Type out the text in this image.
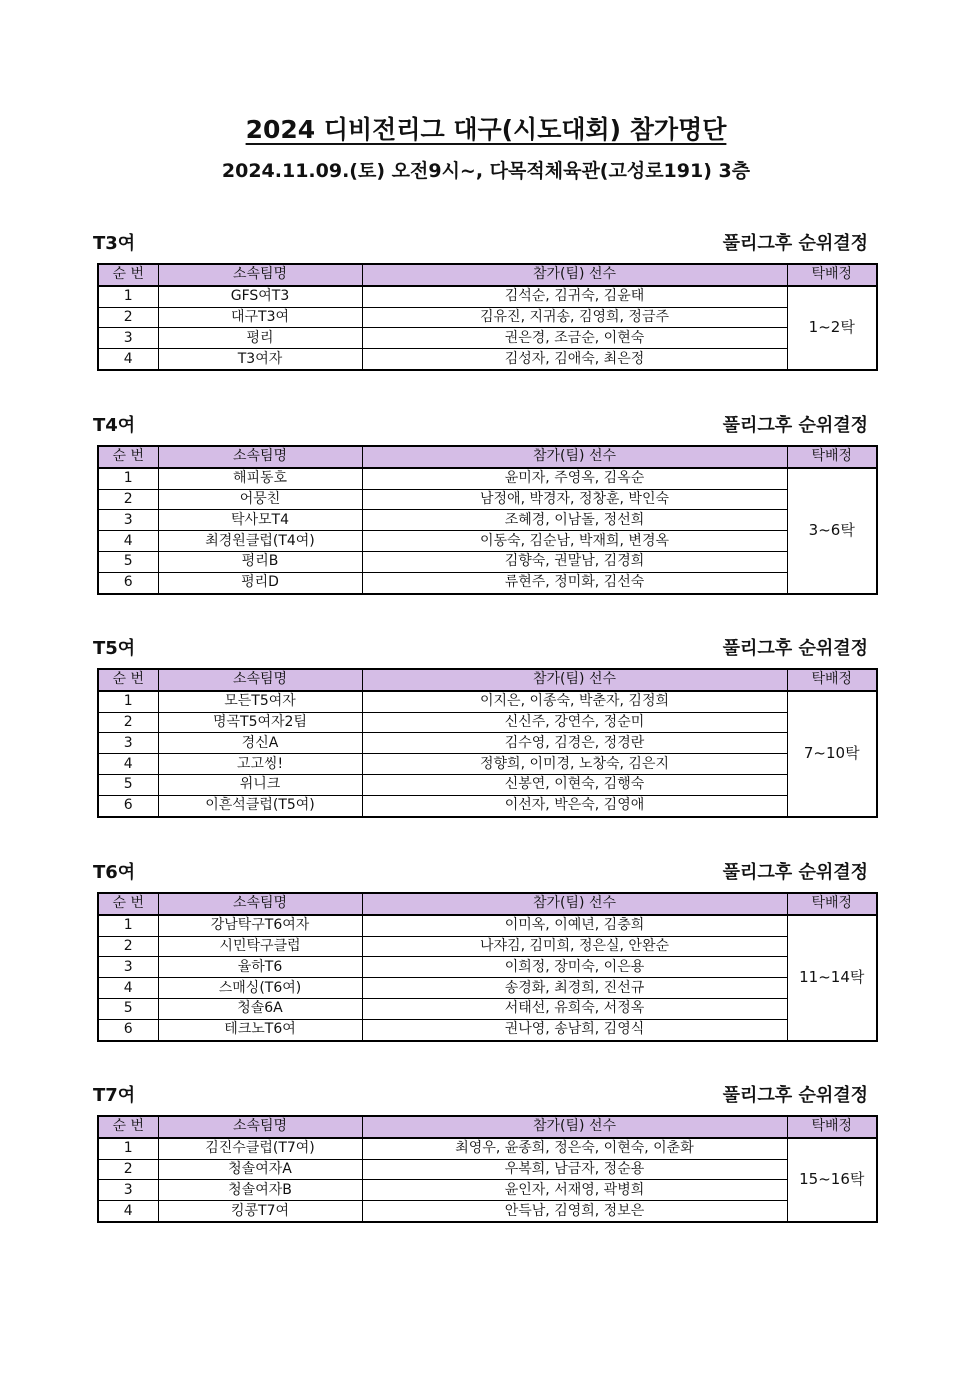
2024 디비전리그 대구(시도대회) 참가명단
2024.11.09.(토) 오전9시~, 다목적체육관(고성로191) 3층
T3여	풀리그후 순위결정
순 번	소속팀명	참가(팀) 선수	탁배정
1	GFS여T3	김석순, 김귀숙, 김윤태	1~2탁
2	대구T3여	김유진, 지귀송, 김영희, 정금주	
3	평리	권은경, 조금순, 이현숙	
4	T3여자	김성자, 김애숙, 최은정	
T4여	풀리그후 순위결정
순 번	소속팀명	참가(팀) 선수	탁배정
1	해피동호	윤미자, 주영옥, 김옥순	3~6탁
2	어뭉친	남정애, 박경자, 정창훈, 박인숙	
3	탁사모T4	조혜경, 이남돌, 정선희	
4	최경원클럽(T4여)	이동숙, 김순남, 박재희, 변경옥	
5	평리B	김향숙, 권말남, 김경희	
6	평리D	류현주, 정미화, 김선숙	
T5여	풀리그후 순위결정
순 번	소속팀명	참가(팀) 선수	탁배정
1	모든T5여자	이지은, 이종숙, 박춘자, 김정희	7~10탁
2	명곡T5여자2팀	신신주, 강연수, 정순미	
3	경신A	김수영, 김경은, 정경란	
4	고고씽!	정향희, 이미경, 노창숙, 김은지	
5	위니크	신봉연, 이현숙, 김행숙	
6	이흔석클럽(T5여)	이선자, 박은숙, 김영애	
T6여	풀리그후 순위결정
순 번	소속팀명	참가(팀) 선수	탁배정
1	강남탁구T6여자	이미옥, 이예년, 김충희	11~14탁
2	시민탁구클럽	나쟈김, 김미희, 정은실, 안완순	
3	율하T6	이희정, 장미숙, 이은용	
4	스매싱(T6여)	송경화, 최경희, 진선규	
5	청솔6A	서태선, 유희숙, 서정옥	
6	테크노T6여	권나영, 송남희, 김영식	
T7여	풀리그후 순위결정
순 번	소속팀명	참가(팀) 선수	탁배정
1	김진수클럽(T7여)	최영우, 윤종희, 정은숙, 이현숙, 이춘화	15~16탁
2	청솔여자A	우복희, 남금자, 정순용	
3	청솔여자B	윤인자, 서재영, 곽병희	
4	킹콩T7여	안득남, 김영희, 정보은	
